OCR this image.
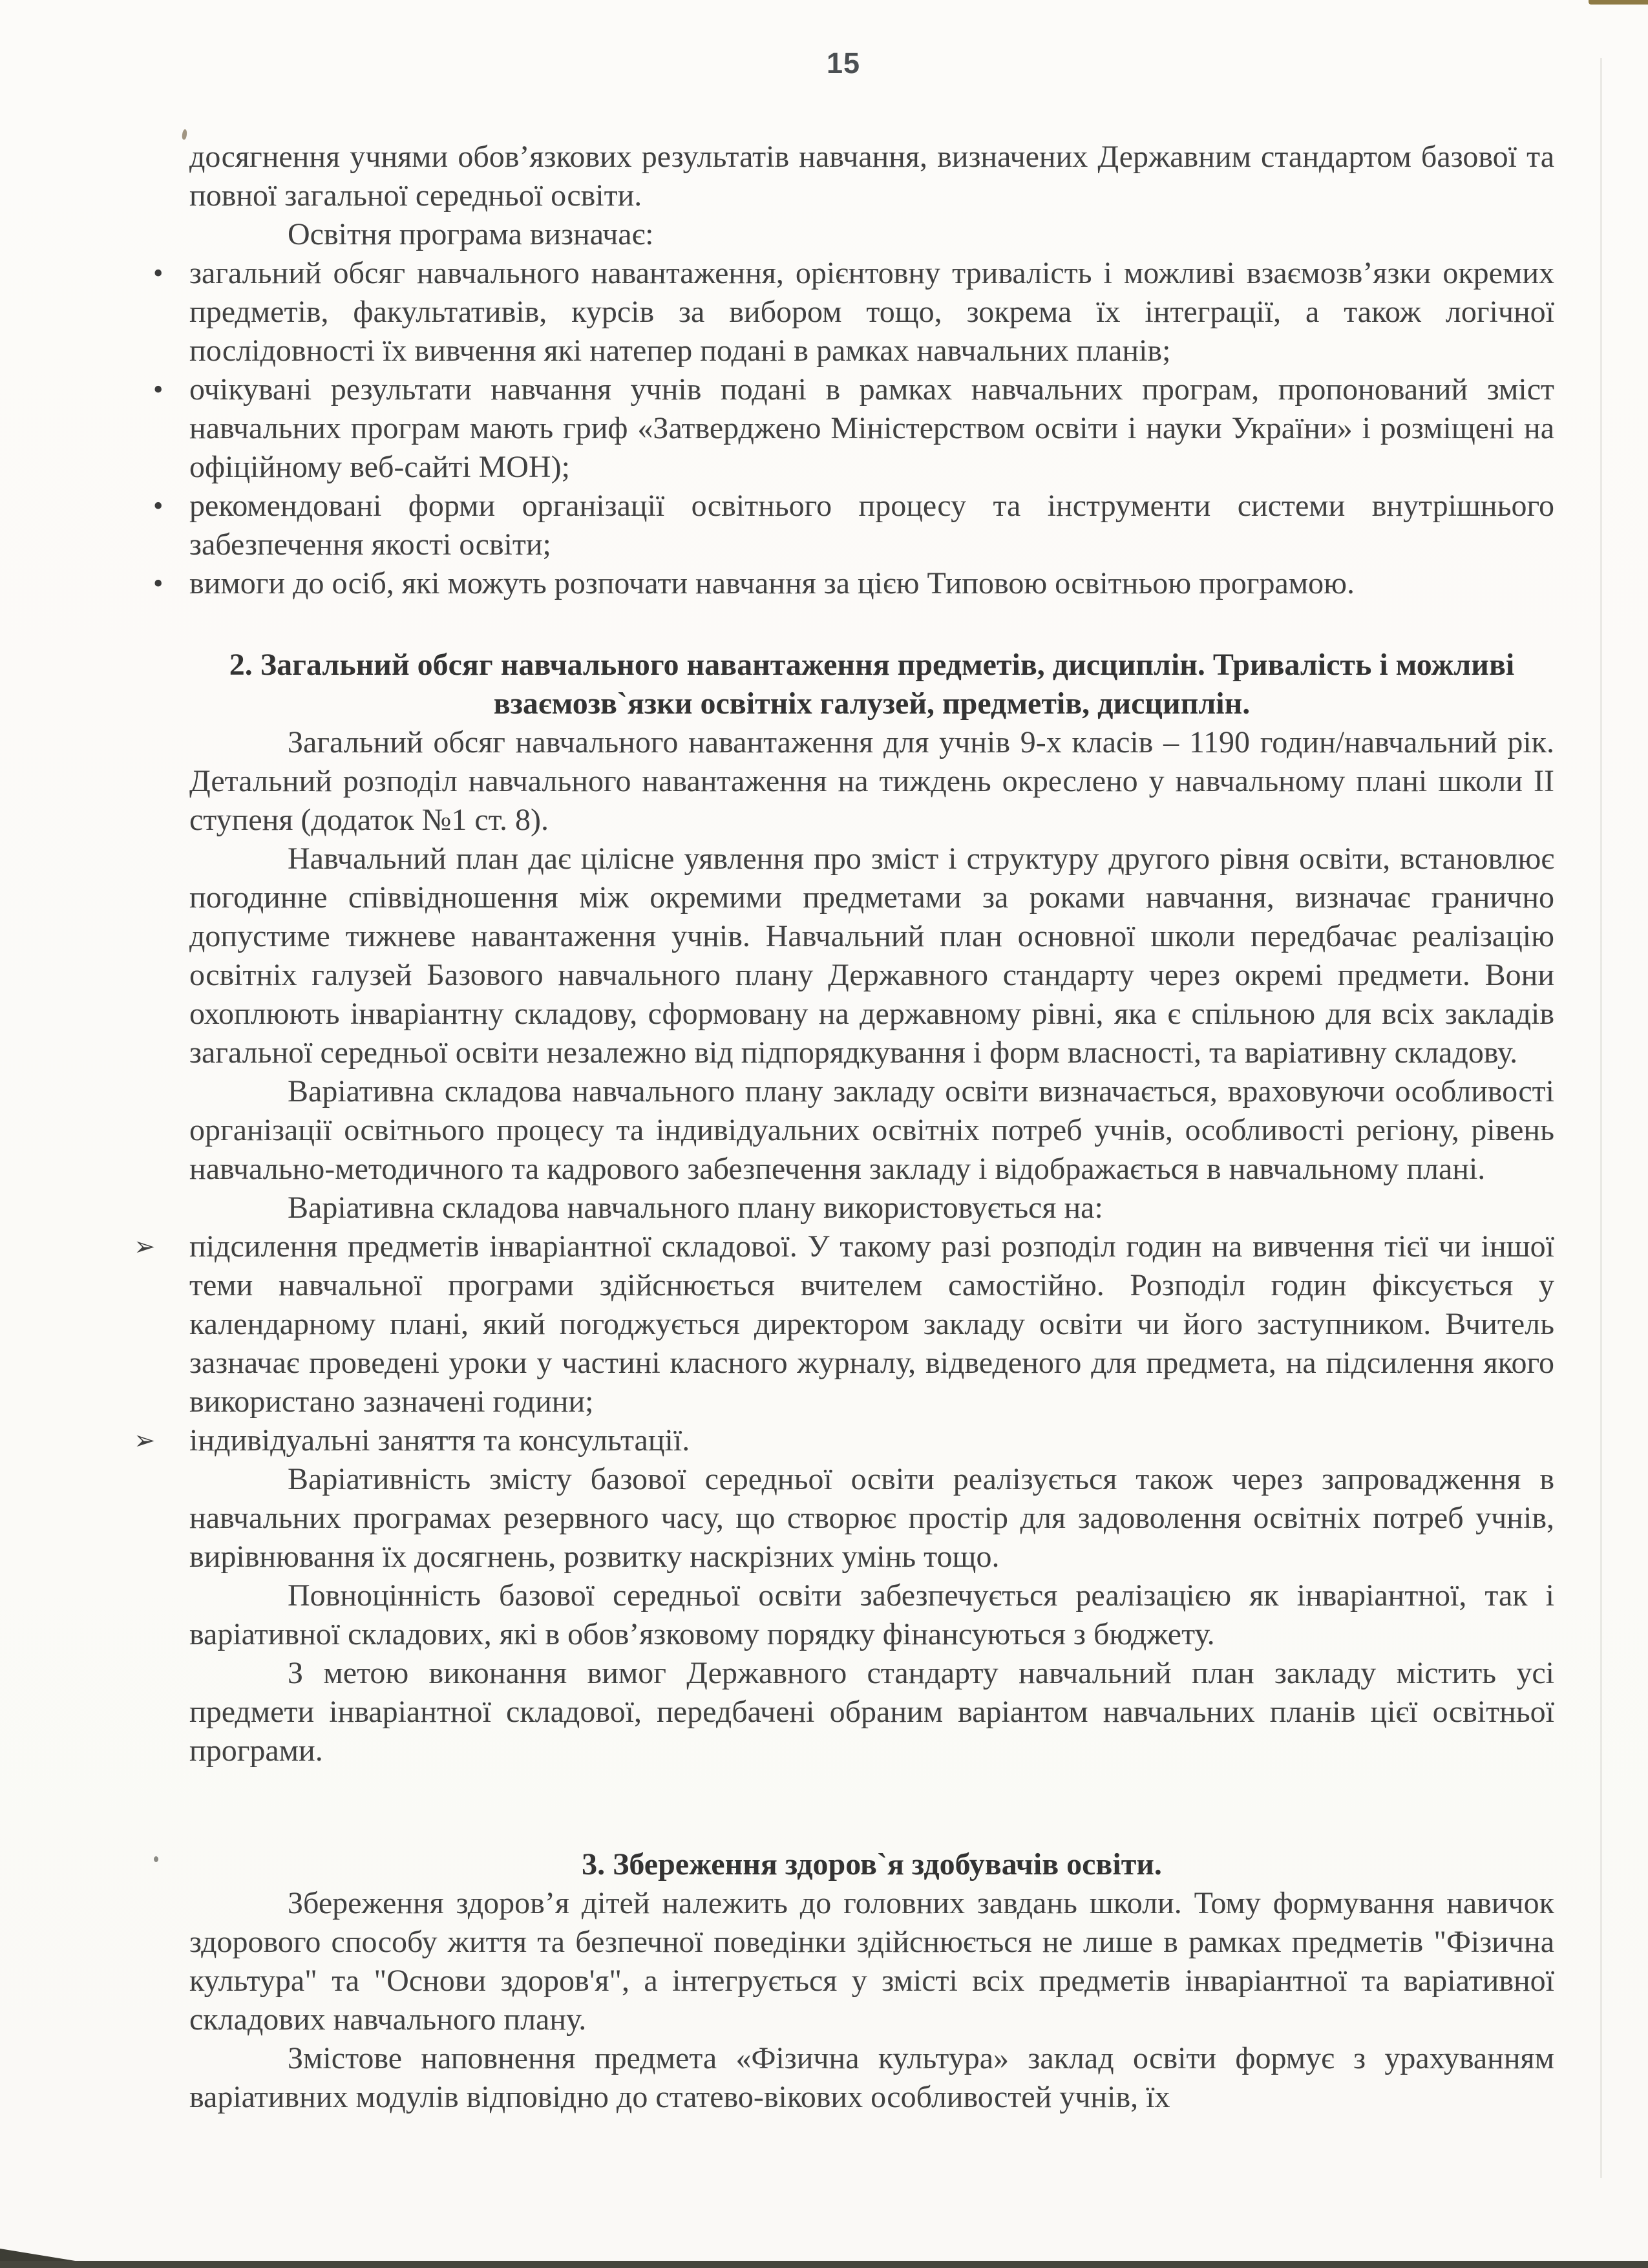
15

досягнення учнями обов’язкових результатів навчання, визначених Державним стандартом базової та повної загальної середньої освіти.

Освітня програма визначає:

• загальний обсяг навчального навантаження, орієнтовну тривалість і можливі взаємозв’язки окремих предметів, факультативів, курсів за вибором тощо, зокрема їх інтеграції, а також логічної послідовності їх вивчення які натепер подані в рамках навчальних планів;
• очікувані результати навчання учнів подані в рамках навчальних програм, пропонований зміст навчальних програм мають гриф «Затверджено Міністерством освіти і науки України» і розміщені на офіційному веб-сайті МОН);
• рекомендовані форми організації освітнього процесу та інструменти системи внутрішнього забезпечення якості освіти;
• вимоги до осіб, які можуть розпочати навчання за цією Типовою освітньою програмою.

2. Загальний обсяг навчального навантаження предметів, дисциплін. Тривалість і можливі взаємозв`язки освітніх галузей, предметів, дисциплін.

Загальний обсяг навчального навантаження для учнів 9-х класів – 1190 годин/навчальний рік. Детальний розподіл навчального навантаження на тиждень окреслено у навчальному плані школи II ступеня (додаток №1 ст. 8).

Навчальний план дає цілісне уявлення про зміст і структуру другого рівня освіти, встановлює погодинне співвідношення між окремими предметами за роками навчання, визначає гранично допустиме тижневе навантаження учнів. Навчальний план основної школи передбачає реалізацію освітніх галузей Базового навчального плану Державного стандарту через окремі предмети. Вони охоплюють інваріантну складову, сформовану на державному рівні, яка є спільною для всіх закладів загальної середньої освіти незалежно від підпорядкування і форм власності, та варіативну складову.

Варіативна складова навчального плану закладу освіти визначається, враховуючи особливості організації освітнього процесу та індивідуальних освітніх потреб учнів, особливості регіону, рівень навчально-методичного та кадрового забезпечення закладу і відображається в навчальному плані.

Варіативна складова навчального плану використовується на:

➢ підсилення предметів інваріантної складової. У такому разі розподіл годин на вивчення тієї чи іншої теми навчальної програми здійснюється вчителем самостійно. Розподіл годин фіксується у календарному плані, який погоджується директором закладу освіти чи його заступником. Вчитель зазначає проведені уроки у частині класного журналу, відведеного для предмета, на підсилення якого використано зазначені години;
➢ індивідуальні заняття та консультації.

Варіативність змісту базової середньої освіти реалізується також через запровадження в навчальних програмах резервного часу, що створює простір для задоволення освітніх потреб учнів, вирівнювання їх досягнень, розвитку наскрізних умінь тощо.

Повноцінність базової середньої освіти забезпечується реалізацією як інваріантної, так і варіативної складових, які в обов’язковому порядку фінансуються з бюджету.

З метою виконання вимог Державного стандарту навчальний план закладу містить усі предмети інваріантної складової, передбачені обраним варіантом навчальних планів цієї освітньої програми.

3. Збереження здоров`я здобувачів освіти.

Збереження здоров’я дітей належить до головних завдань школи. Тому формування навичок здорового способу життя та безпечної поведінки здійснюється не лише в рамках предметів "Фізична культура" та "Основи здоров'я", а інтегрується у змісті всіх предметів інваріантної та варіативної складових навчального плану.

Змістове наповнення предмета «Фізична культура» заклад освіти формує з урахуванням варіативних модулів відповідно до статево-вікових особливостей учнів, їх
